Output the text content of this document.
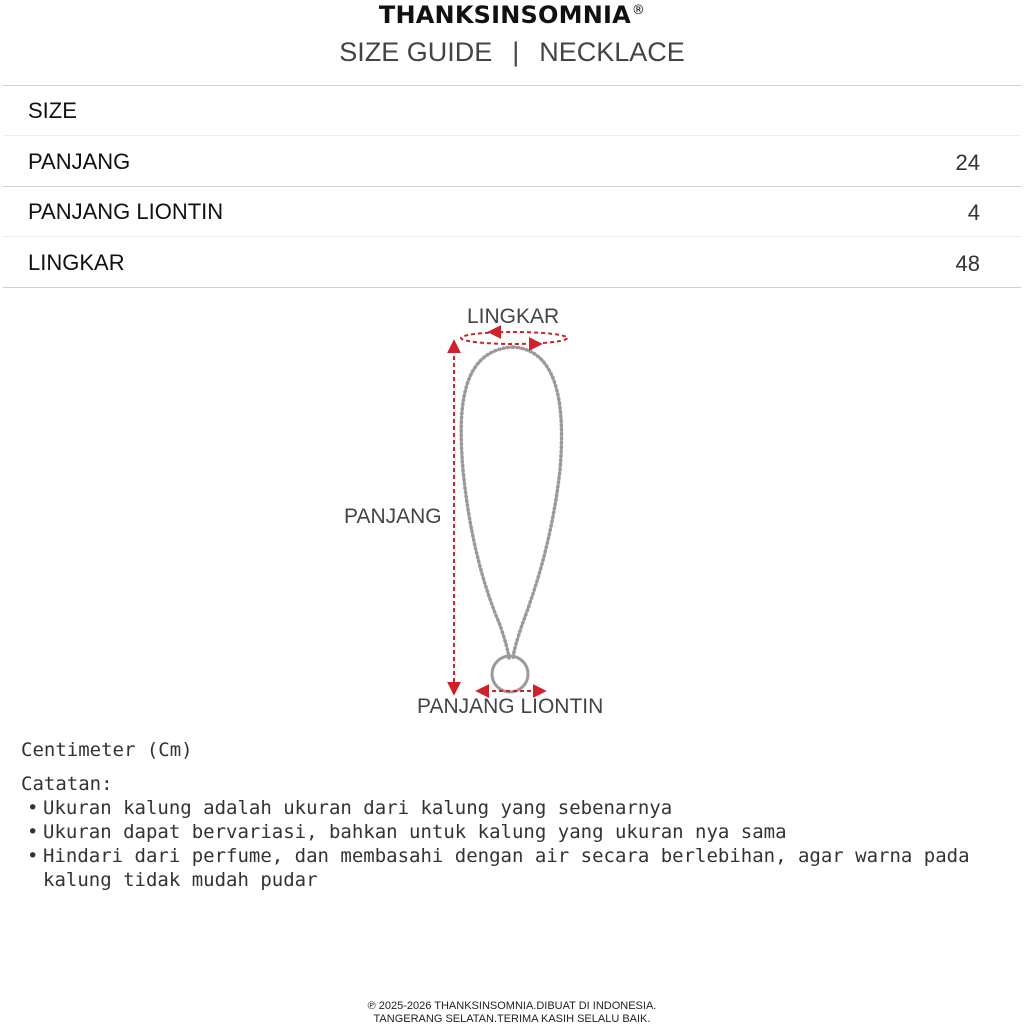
THANKSINSOMNIA®
SIZE GUIDE | NECKLACE
SIZE
PANJANG	24
PANJANG LIONTIN	4
LINGKAR	48
LINGKAR
PANJANG
PANJANG LIONTIN
Centimeter (Cm)
Catatan:
• Ukuran kalung adalah ukuran dari kalung yang sebenarnya
• Ukuran dapat bervariasi, bahkan untuk kalung yang ukuran nya sama
• Hindari dari perfume, dan membasahi dengan air secara berlebihan, agar warna pada kalung tidak mudah pudar
℗ 2025-2026 THANKSINSOMNIA.DIBUAT DI INDONESIA.
TANGERANG SELATAN.TERIMA KASIH SELALU BAIK.
